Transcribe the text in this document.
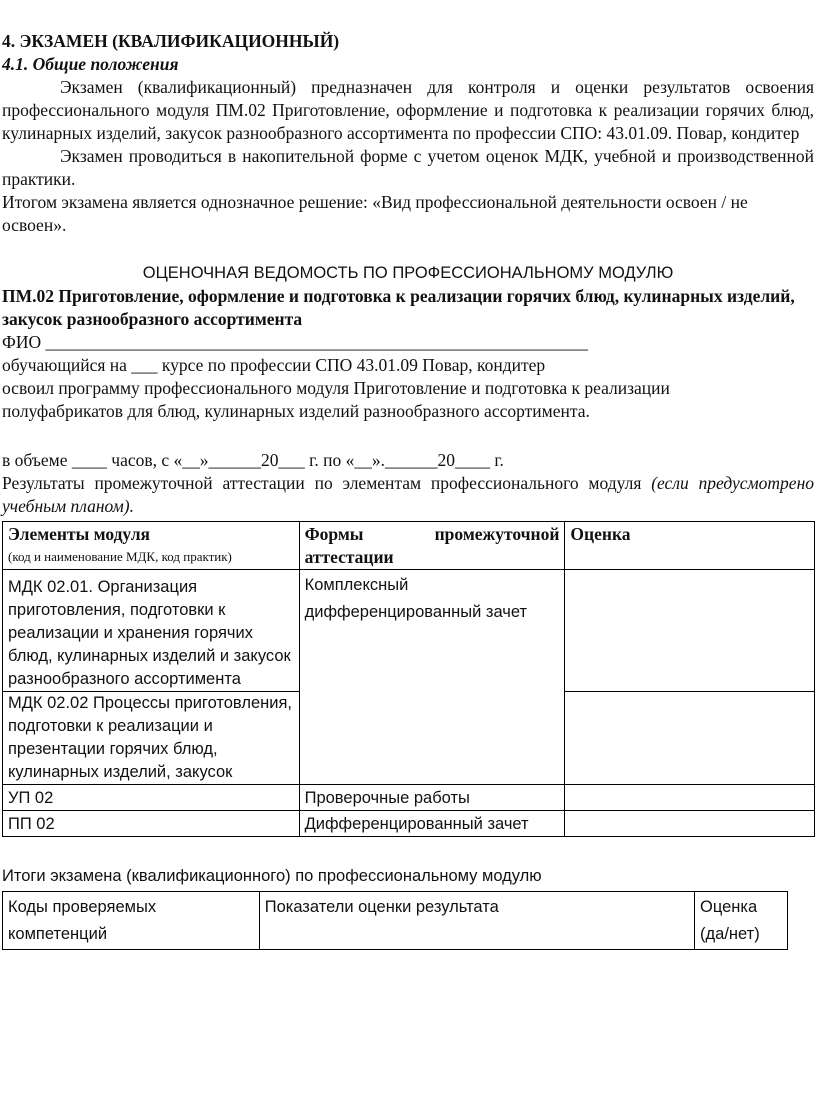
4. ЭКЗАМЕН (КВАЛИФИКАЦИОННЫЙ)

4.1. Общие положения

Экзамен (квалификационный) предназначен для контроля и оценки результатов освоения профессионального модуля ПМ.02 Приготовление, оформление и подготовка к реализации горячих блюд, кулинарных изделий, закусок разнообразного ассортимента по профессии СПО: 43.01.09. Повар, кондитер

Экзамен проводиться в накопительной форме с учетом оценок МДК, учебной и производственной практики.

Итогом экзамена является однозначное решение: «Вид профессиональной деятельности освоен / не освоен».

ОЦЕНОЧНАЯ ВЕДОМОСТЬ ПО ПРОФЕССИОНАЛЬНОМУ МОДУЛЮ

ПМ.02 Приготовление, оформление и подготовка к реализации горячих блюд, кулинарных изделий, закусок разнообразного ассортимента

ФИО ______________________________________________________________

обучающийся на ___ курсе по профессии СПО 43.01.09 Повар, кондитер

освоил программу профессионального модуля Приготовление и подготовка к реализации полуфабрикатов для блюд, кулинарных изделий разнообразного ассортимента.

в объеме ____ часов, с «__»______20___ г. по «__».______20____ г.

Результаты промежуточной аттестации по элементам профессионального модуля (если предусмотрено учебным планом).

Элементы модуля
(код и наименование МДК, код практик)	Формы промежуточной аттестации	Оценка
МДК 02.01. Организация приготовления, подготовки к реализации и хранения горячих блюд, кулинарных изделий и закусок разнообразного ассортимента	Комплексный дифференцированный зачет	
МДК 02.02 Процессы приготовления, подготовки к реализации и презентации горячих блюд, кулинарных изделий, закусок		
УП 02	Проверочные работы	
ПП 02	Дифференцированный зачет	

Итоги экзамена (квалификационного) по профессиональному модулю

Коды проверяемых компетенций	Показатели оценки результата	Оценка (да/нет)
